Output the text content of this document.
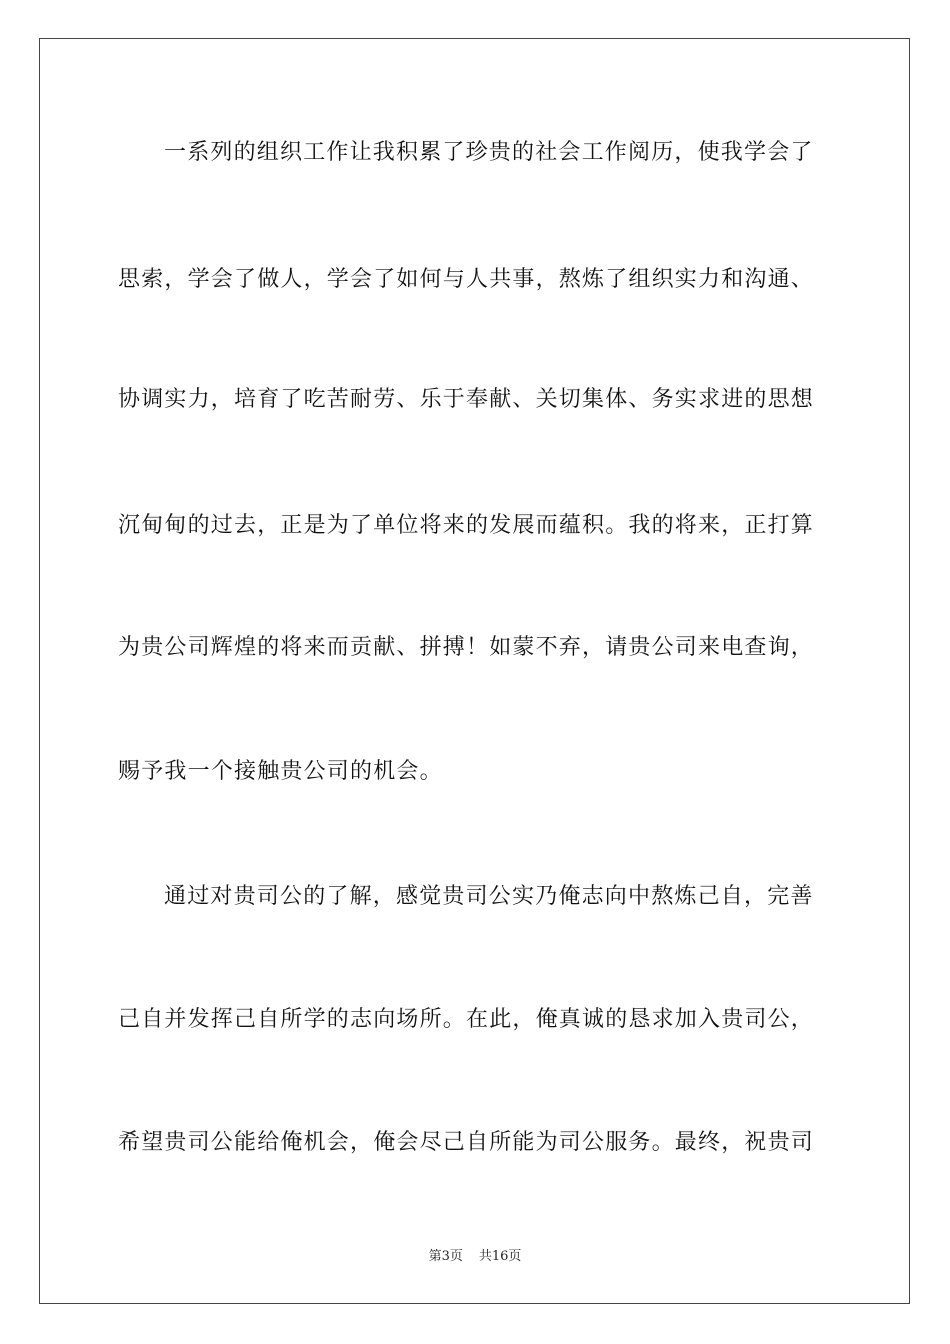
一系列的组织工作让我积累了珍贵的社会工作阅历，使我学会了
思索，学会了做人，学会了如何与人共事，熬炼了组织实力和沟通、
协调实力，培育了吃苦耐劳、乐于奉献、关切集体、务实求进的思想
沉甸甸的过去，正是为了单位将来的发展而蕴积。我的将来，正打算
为贵公司辉煌的将来而贡献、拼搏！如蒙不弃，请贵公司来电查询，
赐予我一个接触贵公司的机会。
通过对贵司公的了解，感觉贵司公实乃俺志向中熬炼己自，完善
己自并发挥己自所学的志向场所。在此，俺真诚的恳求加入贵司公，
希望贵司公能给俺机会，俺会尽己自所能为司公服务。最终，祝贵司
第3页 共16页
